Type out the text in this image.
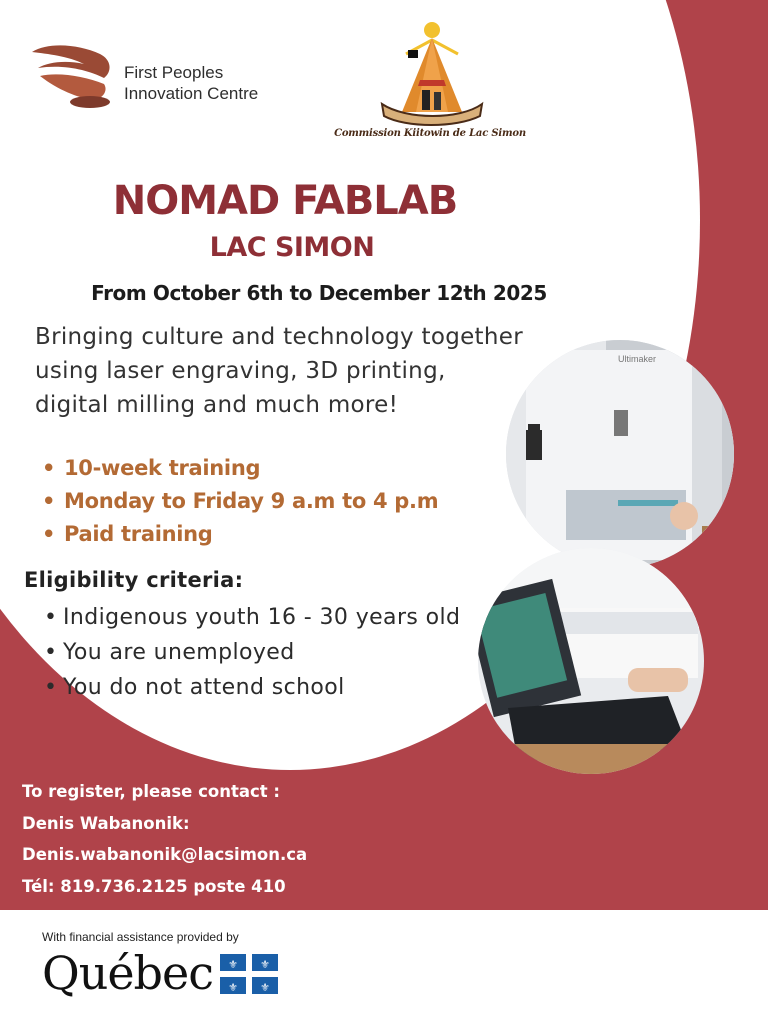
First Peoples
Innovation Centre
Commission Kiitowin de Lac Simon
NOMAD FABLAB
LAC SIMON
From October 6th to December 12th 2025
Bringing culture and technology together using laser engraving, 3D printing, digital milling and much more!
• 10-week training
• Monday to Friday 9 a.m to 4 p.m
• Paid training
Eligibility criteria:
• Indigenous youth 16 - 30 years old
• You are unemployed
• You do not attend school
Ultimaker
To register, please contact :
Denis Wabanonik:
Denis.wabanonik@lacsimon.ca
Tél: 819.736.2125 poste 410
With financial assistance provided by
Québec ⚜ ⚜
⚜ ⚜
